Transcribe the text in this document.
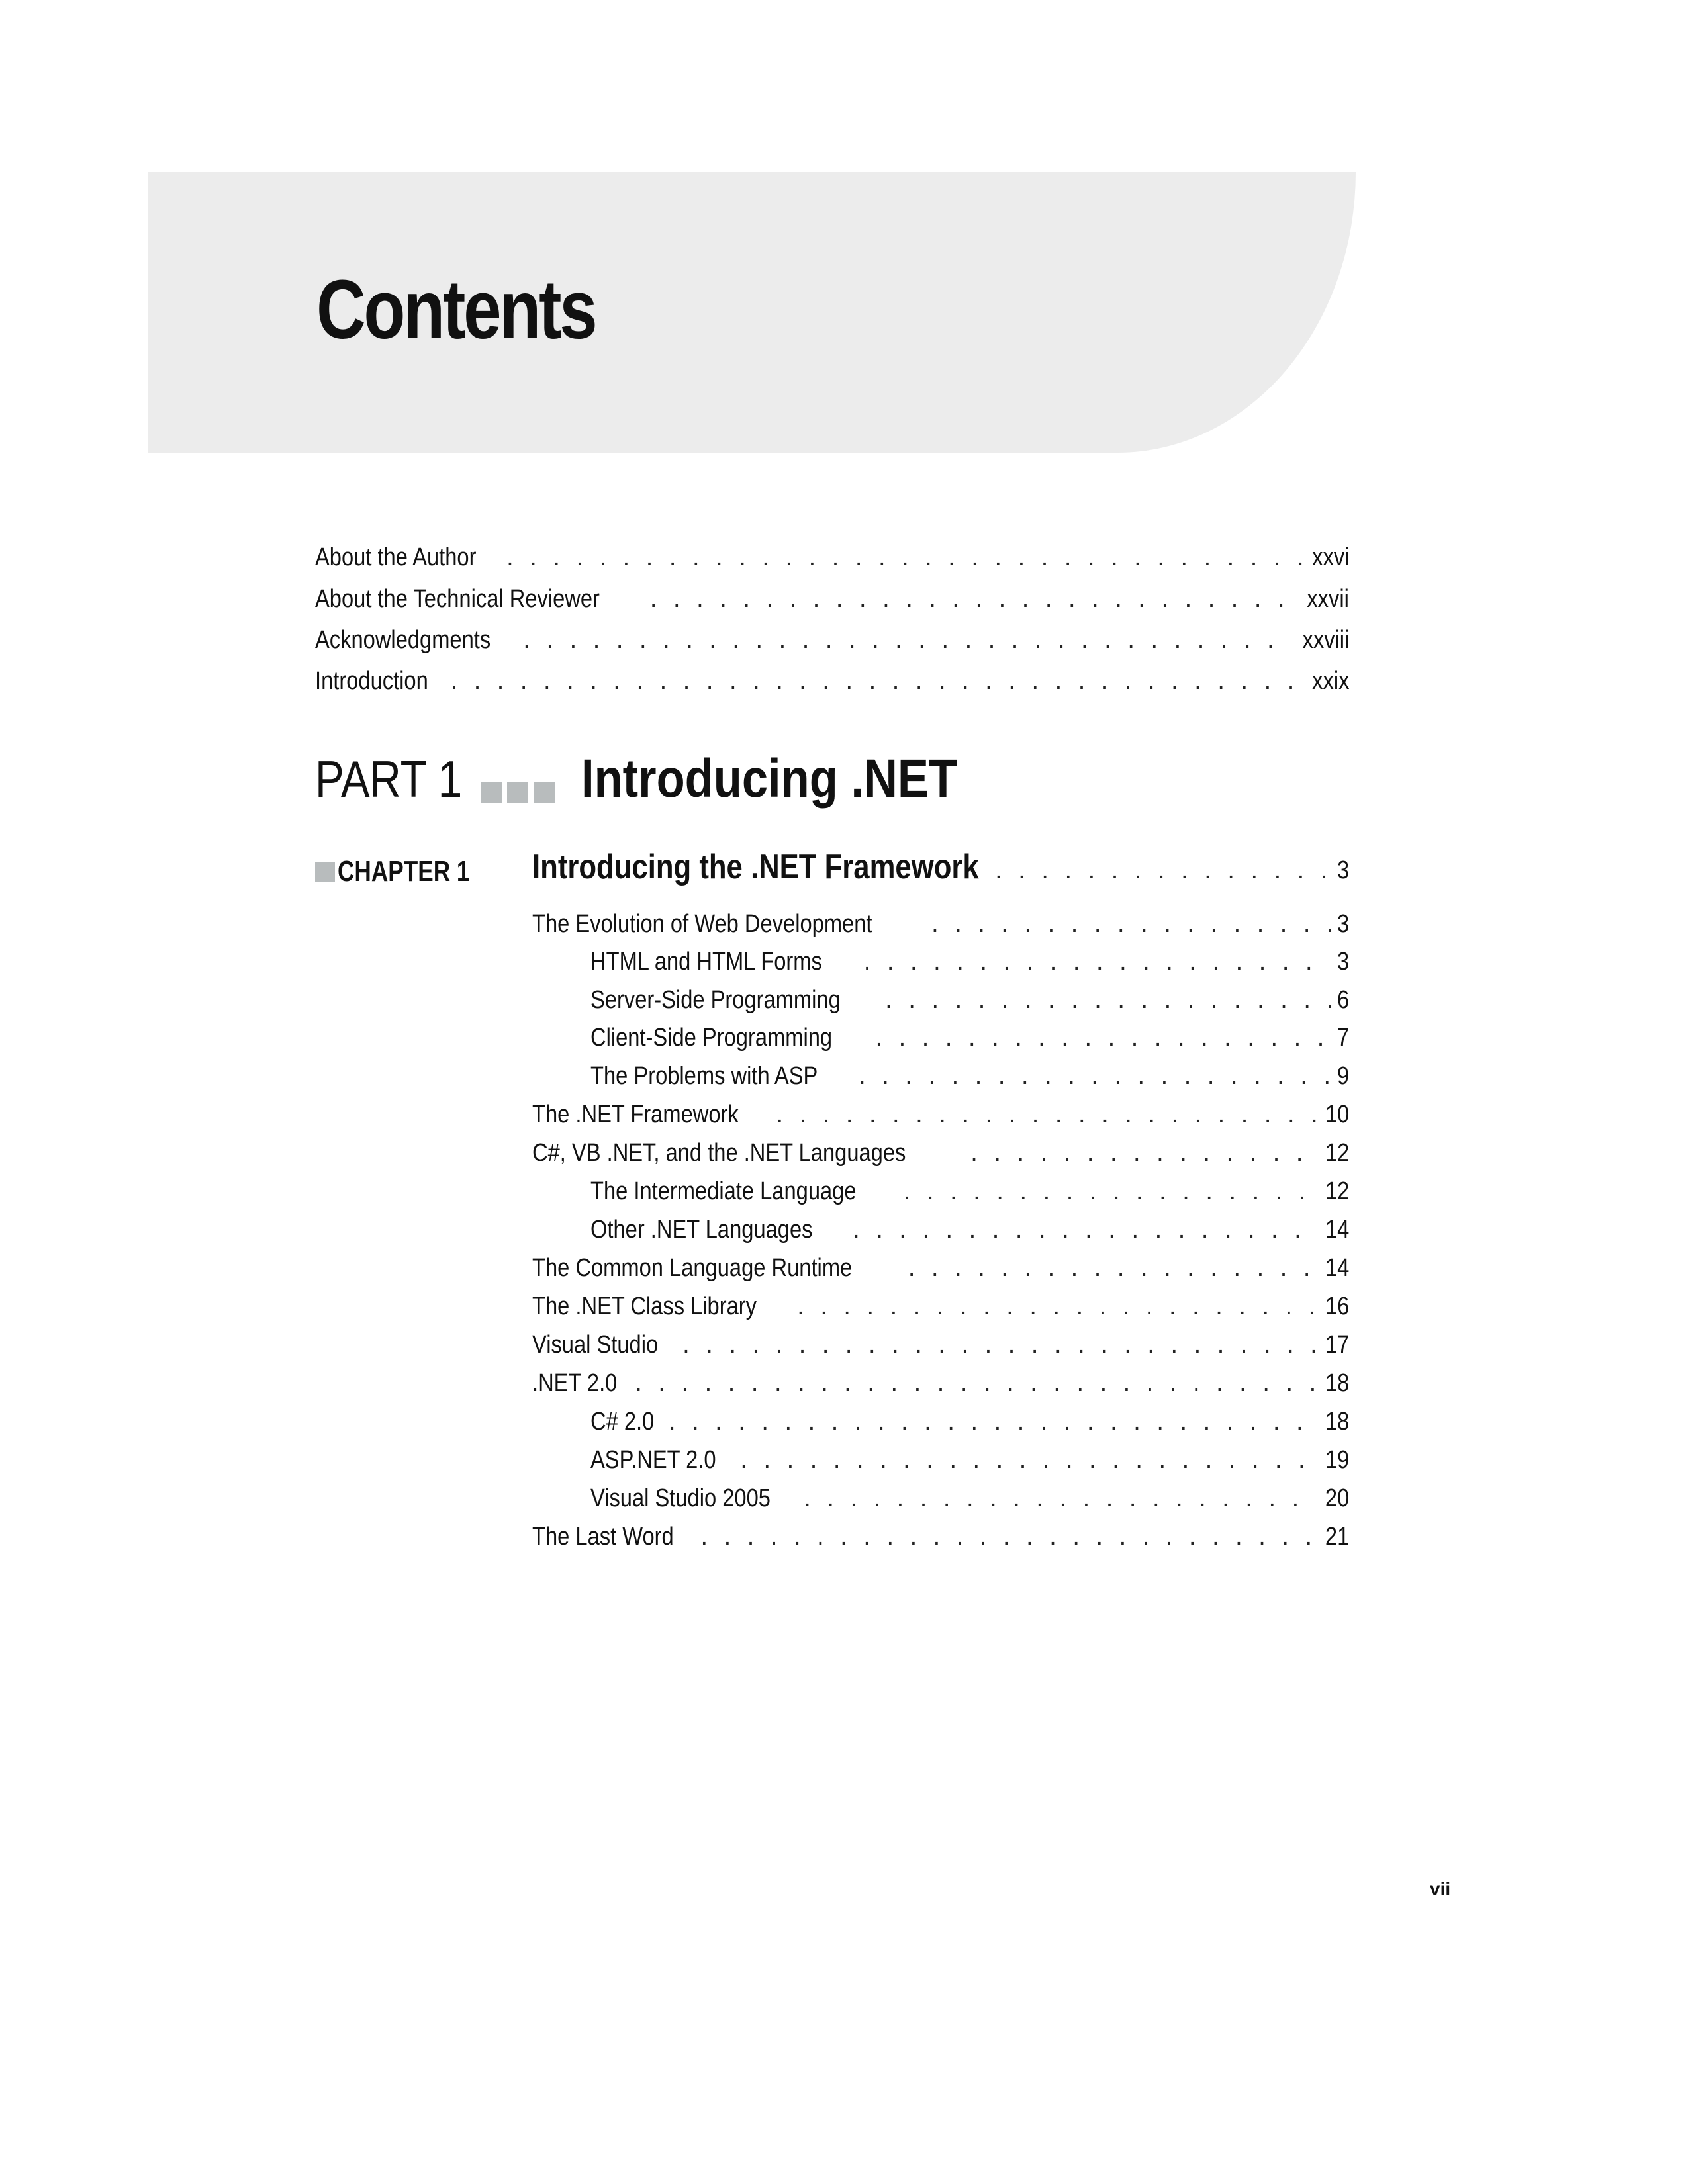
Contents
About the Author . . .	xxvi
About the Technical Reviewer . . .	xxvii
Acknowledgments . . .	xxviii
Introduction . . .	xxix
PART 1 Introducing .NET
CHAPTER 1 Introducing the .NET Framework . . .	3
The Evolution of Web Development . . .	3
HTML and HTML Forms . . .	3
Server-Side Programming . . .	6
Client-Side Programming . . .	7
The Problems with ASP . . .	9
The .NET Framework . . .	10
C#, VB .NET, and the .NET Languages . . .	12
The Intermediate Language . . .	12
Other .NET Languages . . .	14
The Common Language Runtime . . .	14
The .NET Class Library . . .	16
Visual Studio . . .	17
.NET 2.0 . . .	18
C# 2.0 . . .	18
ASP.NET 2.0 . . .	19
Visual Studio 2005 . . .	20
The Last Word . . .	21
vii
